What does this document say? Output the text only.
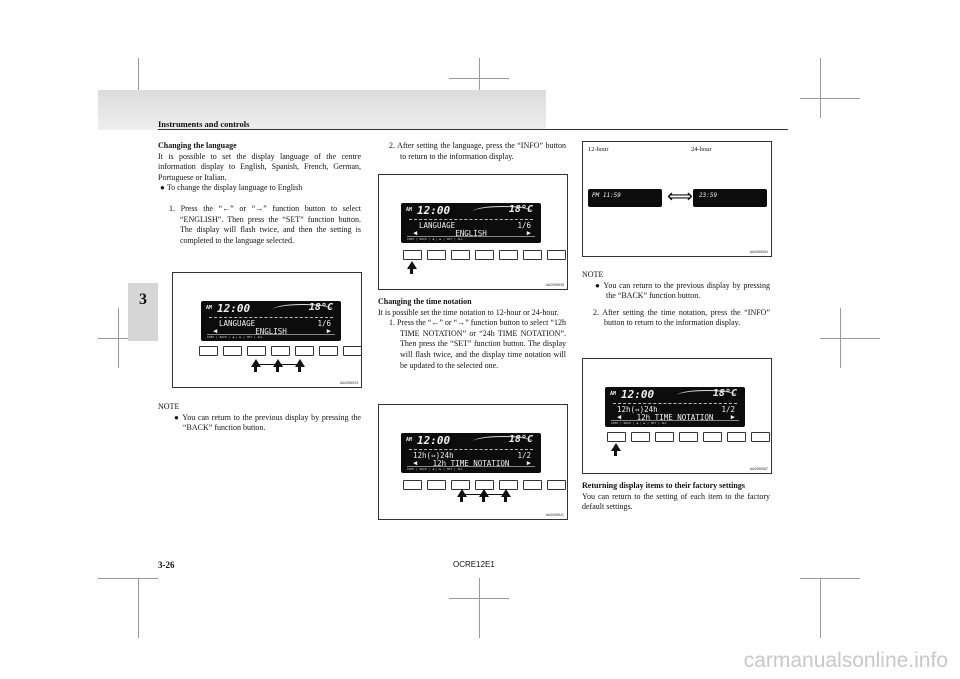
Instruments and controls
3

Changing the language

It is possible to set the display language of the centre information display to English, Spanish, French, German, Portuguese or Italian.

● To change the display language to English

1. Press the “←” or “→” function button to select “ENGLISH”. Then press the “SET” function button. The display will flash twice, and then the setting is completed to the language selected.

AM 12:00	18°C
LANGUAGE	1/6
◀	ENGLISH	▶
INFO | BACK | ◀ | ▶ | SET | ALL
AA0095923

NOTE

● You can return to the previous display by pressing the “BACK” function button.

2. After setting the language, press the “INFO” button to return to the information display.

AM 12:00	18°C
LANGUAGE	1/6
◀	ENGLISH	▶
INFO | BACK | ◀ | ▶ | SET | ALL
AA0095938

Changing the time notation

It is possible set the time notation to 12-hour or 24-hour.

1. Press the “←” or “→” function button to select “12h TIME NOTATION” or “24h TIME NOTATION”. Then press the “SET” function button. The display will flash twice, and the display time notation will be updated to the selected one.

AM 12:00	18°C
12h(⇔)24h	1/2
◀	12h TIME NOTATION	▶
INFO | BACK | ◀ | ▶ | SET | ALL
AA0095941
12-hour	24-hour
PM 11:59	⟺ 23:59
AA0095954

NOTE

● You can return to the previous display by pressing the “BACK” function button.

2. After setting the time notation, press the “INFO” button to return to the information display.

AM 12:00	18°C
12h(⇔)24h	1/2
◀	12h TIME NOTATION	▶
INFO | BACK | ◀ | ▶ | SET | ALL
AA0095967

Returning display items to their factory settings

You can return to the setting of each item to the factory default settings.

3-26	OCRE12E1
carmanualsonline.info
